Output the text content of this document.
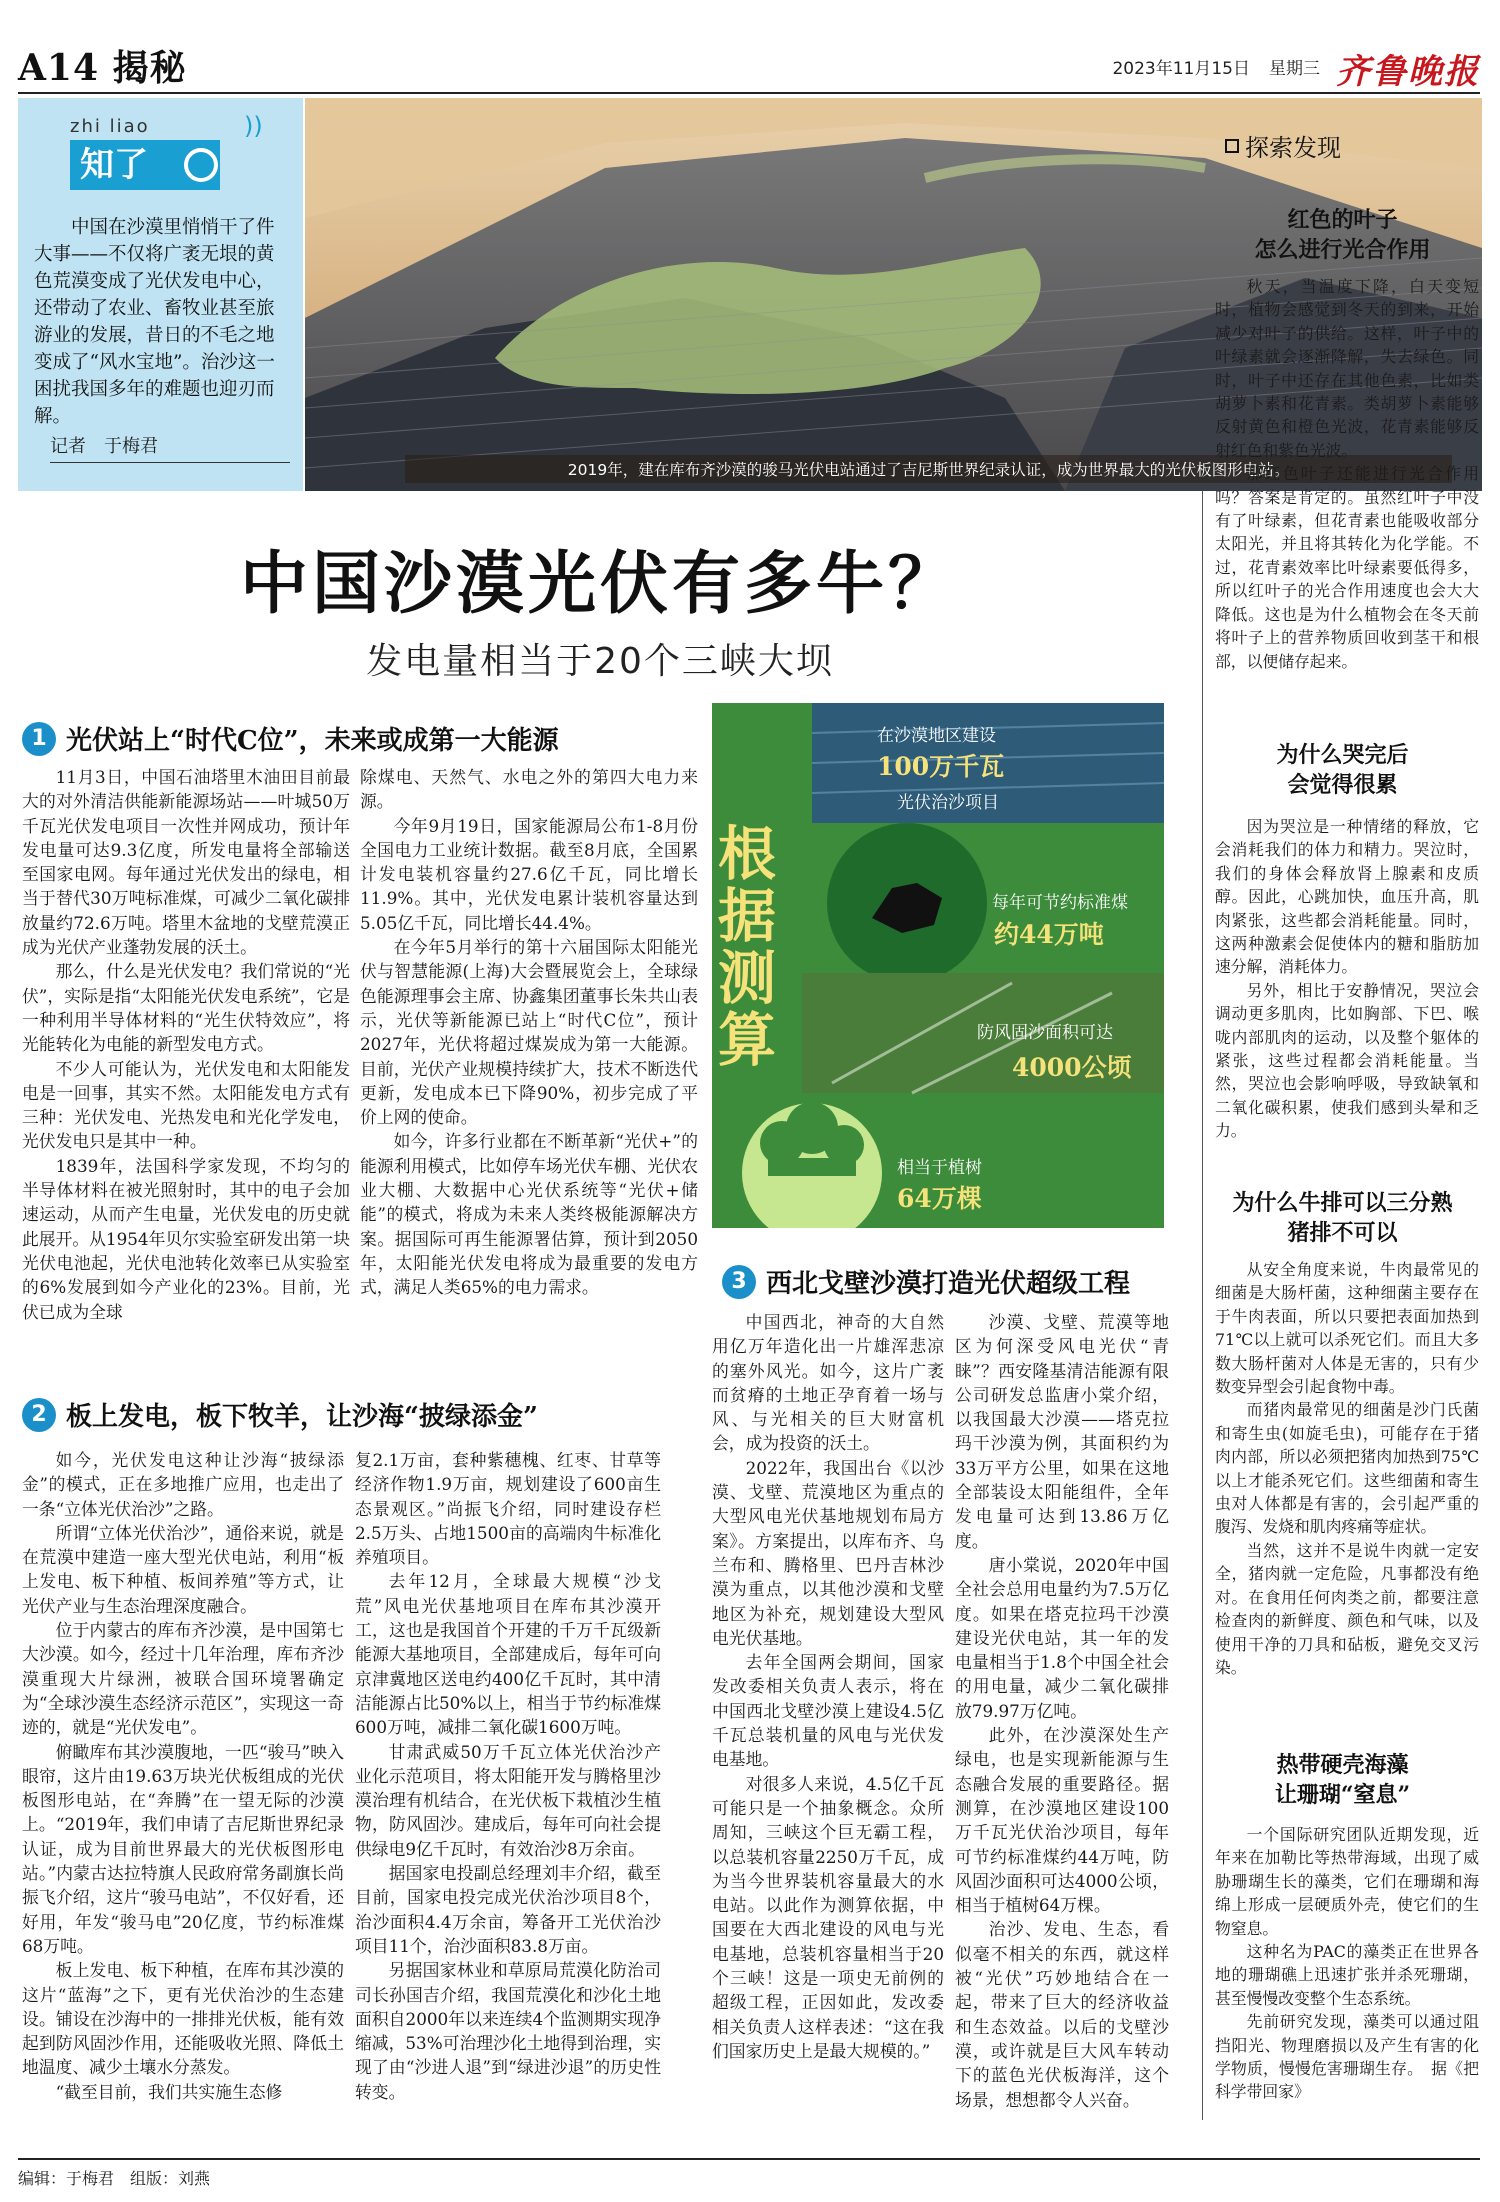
A14 揭秘	2023年11月15日 星期三 齐鲁晚报
zhi liao	))
知了
中国在沙漠里悄悄干了件大事——不仅将广袤无垠的黄色荒漠变成了光伏发电中心，还带动了农业、畜牧业甚至旅游业的发展，昔日的不毛之地变成了“风水宝地”。治沙这一困扰我国多年的难题也迎刃而解。
记者　于梅君
2019年，建在库布齐沙漠的骏马光伏电站通过了吉尼斯世界纪录认证，成为世界最大的光伏板图形电站。
中国沙漠光伏有多牛？
发电量相当于20个三峡大坝
1 光伏站上“时代C位”，未来或成第一大能源

11月3日，中国石油塔里木油田目前最大的对外清洁供能新能源场站——叶城50万千瓦光伏发电项目一次性并网成功，预计年发电量可达9.3亿度，所发电量将全部输送至国家电网。每年通过光伏发出的绿电，相当于替代30万吨标准煤，可减少二氧化碳排放量约72.6万吨。塔里木盆地的戈壁荒漠正成为光伏产业蓬勃发展的沃土。

那么，什么是光伏发电？我们常说的“光伏”，实际是指“太阳能光伏发电系统”，它是一种利用半导体材料的“光生伏特效应”，将光能转化为电能的新型发电方式。

不少人可能认为，光伏发电和太阳能发电是一回事，其实不然。太阳能发电方式有三种：光伏发电、光热发电和光化学发电，光伏发电只是其中一种。

1839年，法国科学家发现，不均匀的半导体材料在被光照射时，其中的电子会加速运动，从而产生电量，光伏发电的历史就此展开。从1954年贝尔实验室研发出第一块光伏电池起，光伏电池转化效率已从实验室的6%发展到如今产业化的23%。目前，光伏已成为全球

除煤电、天然气、水电之外的第四大电力来源。

今年9月19日，国家能源局公布1-8月份全国电力工业统计数据。截至8月底，全国累计发电装机容量约27.6亿千瓦，同比增长11.9%。其中，光伏发电累计装机容量达到5.05亿千瓦，同比增长44.4%。

在今年5月举行的第十六届国际太阳能光伏与智慧能源(上海)大会暨展览会上，全球绿色能源理事会主席、协鑫集团董事长朱共山表示，光伏等新能源已站上“时代C位”，预计2027年，光伏将超过煤炭成为第一大能源。目前，光伏产业规模持续扩大，技术不断迭代更新，发电成本已下降90%，初步完成了平价上网的使命。

如今，许多行业都在不断革新“光伏+”的能源利用模式，比如停车场光伏车棚、光伏农业大棚、大数据中心光伏系统等“光伏+储能”的模式，将成为未来人类终极能源解决方案。据国际可再生能源署估算，预计到2050年，太阳能光伏发电将成为最重要的发电方式，满足人类65%的电力需求。

根据测算
在沙漠地区建设
100万千瓦
光伏治沙项目
每年可节约标准煤
约44万吨
防风固沙面积可达
4000公顷
相当于植树
64万棵
2 板上发电，板下牧羊，让沙海“披绿添金”

如今，光伏发电这种让沙海“披绿添金”的模式，正在多地推广应用，也走出了一条“立体光伏治沙”之路。

所谓“立体光伏治沙”，通俗来说，就是在荒漠中建造一座大型光伏电站，利用“板上发电、板下种植、板间养殖”等方式，让光伏产业与生态治理深度融合。

位于内蒙古的库布齐沙漠，是中国第七大沙漠。如今，经过十几年治理，库布齐沙漠重现大片绿洲，被联合国环境署确定为“全球沙漠生态经济示范区”，实现这一奇迹的，就是“光伏发电”。

俯瞰库布其沙漠腹地，一匹“骏马”映入眼帘，这片由19.63万块光伏板组成的光伏板图形电站，在“奔腾”在一望无际的沙漠上。“2019年，我们申请了吉尼斯世界纪录认证，成为目前世界最大的光伏板图形电站。”内蒙古达拉特旗人民政府常务副旗长尚振飞介绍，这片“骏马电站”，不仅好看，还好用，年发“骏马电”20亿度，节约标准煤68万吨。

板上发电、板下种植，在库布其沙漠的这片“蓝海”之下，更有光伏治沙的生态建设。铺设在沙海中的一排排光伏板，能有效起到防风固沙作用，还能吸收光照、降低土地温度、减少土壤水分蒸发。

“截至目前，我们共实施生态修

复2.1万亩，套种紫穗槐、红枣、甘草等经济作物1.9万亩，规划建设了600亩生态景观区。”尚振飞介绍，同时建设存栏2.5万头、占地1500亩的高端肉牛标准化养殖项目。

去年12月，全球最大规模“沙戈荒”风电光伏基地项目在库布其沙漠开工，这也是我国首个开建的千万千瓦级新能源大基地项目，全部建成后，每年可向京津冀地区送电约400亿千瓦时，其中清洁能源占比50%以上，相当于节约标准煤600万吨，减排二氧化碳1600万吨。

甘肃武威50万千瓦立体光伏治沙产业化示范项目，将太阳能开发与腾格里沙漠治理有机结合，在光伏板下栽植沙生植物，防风固沙。建成后，每年可向社会提供绿电9亿千瓦时，有效治沙8万余亩。

据国家电投副总经理刘丰介绍，截至目前，国家电投完成光伏治沙项目8个，治沙面积4.4万余亩，筹备开工光伏治沙项目11个，治沙面积83.8万亩。

另据国家林业和草原局荒漠化防治司司长孙国吉介绍，我国荒漠化和沙化土地面积自2000年以来连续4个监测期实现净缩减，53%可治理沙化土地得到治理，实现了由“沙进人退”到“绿进沙退”的历史性转变。

3 西北戈壁沙漠打造光伏超级工程

中国西北，神奇的大自然用亿万年造化出一片雄浑悲凉的塞外风光。如今，这片广袤而贫瘠的土地正孕育着一场与风、与光相关的巨大财富机会，成为投资的沃土。

2022年，我国出台《以沙漠、戈壁、荒漠地区为重点的大型风电光伏基地规划布局方案》。方案提出，以库布齐、乌兰布和、腾格里、巴丹吉林沙漠为重点，以其他沙漠和戈壁地区为补充，规划建设大型风电光伏基地。

去年全国两会期间，国家发改委相关负责人表示，将在中国西北戈壁沙漠上建设4.5亿千瓦总装机量的风电与光伏发电基地。

对很多人来说，4.5亿千瓦可能只是一个抽象概念。众所周知，三峡这个巨无霸工程，以总装机容量2250万千瓦，成为当今世界装机容量最大的水电站。以此作为测算依据，中国要在大西北建设的风电与光电基地，总装机容量相当于20个三峡！这是一项史无前例的超级工程，正因如此，发改委相关负责人这样表述：“这在我们国家历史上是最大规模的。”

沙漠、戈壁、荒漠等地区为何深受风电光伏“青睐”？西安隆基清洁能源有限公司研发总监唐小棠介绍，以我国最大沙漠——塔克拉玛干沙漠为例，其面积约为33万平方公里，如果在这地全部装设太阳能组件，全年发电量可达到13.86万亿度。

唐小棠说，2020年中国全社会总用电量约为7.5万亿度。如果在塔克拉玛干沙漠建设光伏电站，其一年的发电量相当于1.8个中国全社会的用电量，减少二氧化碳排放79.97万亿吨。

此外，在沙漠深处生产绿电，也是实现新能源与生态融合发展的重要路径。据测算，在沙漠地区建设100万千瓦光伏治沙项目，每年可节约标准煤约44万吨，防风固沙面积可达4000公顷，相当于植树64万棵。

治沙、发电、生态，看似毫不相关的东西，就这样被“光伏”巧妙地结合在一起，带来了巨大的经济收益和生态效益。以后的戈壁沙漠，或许就是巨大风车转动下的蓝色光伏板海洋，这个场景，想想都令人兴奋。

探索发现
红色的叶子
怎么进行光合作用

秋天，当温度下降，白天变短时，植物会感觉到冬天的到来，开始减少对叶子的供给。这样，叶子中的叶绿素就会逐渐降解，失去绿色。同时，叶子中还存在其他色素，比如类胡萝卜素和花青素。类胡萝卜素能够反射黄色和橙色光波，花青素能够反射红色和紫色光波。

那红色叶子还能进行光合作用吗？答案是肯定的。虽然红叶子中没有了叶绿素，但花青素也能吸收部分太阳光，并且将其转化为化学能。不过，花青素效率比叶绿素要低得多，所以红叶子的光合作用速度也会大大降低。这也是为什么植物会在冬天前将叶子上的营养物质回收到茎干和根部，以便储存起来。

为什么哭完后
会觉得很累

因为哭泣是一种情绪的释放，它会消耗我们的体力和精力。哭泣时，我们的身体会释放肾上腺素和皮质醇。因此，心跳加快，血压升高，肌肉紧张，这些都会消耗能量。同时，这两种激素会促使体内的糖和脂肪加速分解，消耗体力。

另外，相比于安静情况，哭泣会调动更多肌肉，比如胸部、下巴、喉咙内部肌肉的运动，以及整个躯体的紧张，这些过程都会消耗能量。当然，哭泣也会影响呼吸，导致缺氧和二氧化碳积累，使我们感到头晕和乏力。

为什么牛排可以三分熟
猪排不可以

从安全角度来说，牛肉最常见的细菌是大肠杆菌，这种细菌主要存在于牛肉表面，所以只要把表面加热到71℃以上就可以杀死它们。而且大多数大肠杆菌对人体是无害的，只有少数变异型会引起食物中毒。

而猪肉最常见的细菌是沙门氏菌和寄生虫(如旋毛虫)，可能存在于猪肉内部，所以必须把猪肉加热到75℃以上才能杀死它们。这些细菌和寄生虫对人体都是有害的，会引起严重的腹泻、发烧和肌肉疼痛等症状。

当然，这并不是说牛肉就一定安全，猪肉就一定危险，凡事都没有绝对。在食用任何肉类之前，都要注意检查肉的新鲜度、颜色和气味，以及使用干净的刀具和砧板，避免交叉污染。

热带硬壳海藻
让珊瑚“窒息”

一个国际研究团队近期发现，近年来在加勒比等热带海域，出现了威胁珊瑚生长的藻类，它们在珊瑚和海绵上形成一层硬质外壳，使它们的生物窒息。

这种名为PAC的藻类正在世界各地的珊瑚礁上迅速扩张并杀死珊瑚，甚至慢慢改变整个生态系统。

先前研究发现，藻类可以通过阻挡阳光、物理磨损以及产生有害的化学物质，慢慢危害珊瑚生存。　据《把科学带回家》

编辑：于梅君　组版：刘燕
